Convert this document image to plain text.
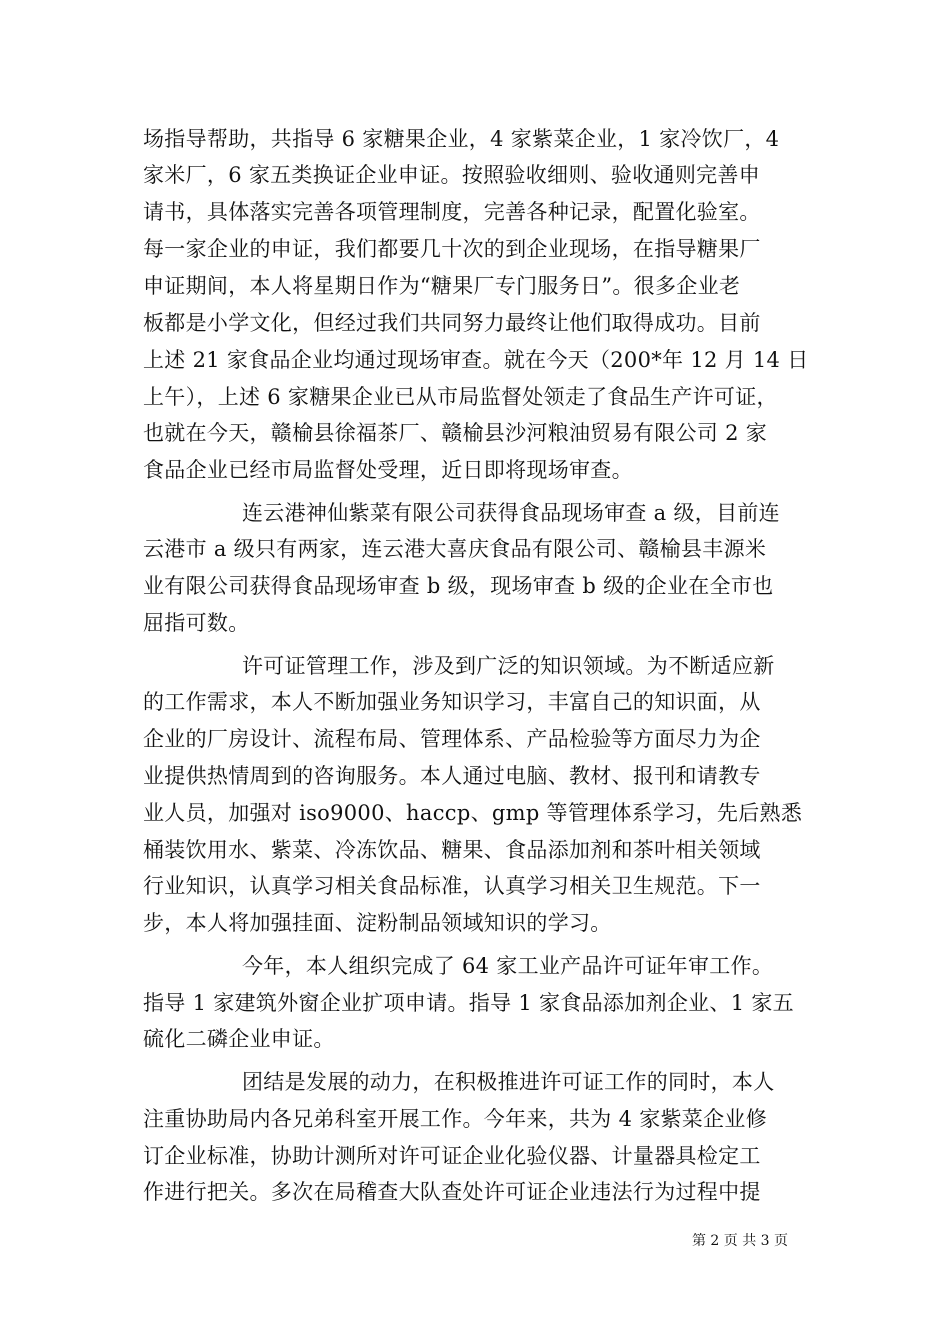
场指导帮助，共指导 6 家糖果企业，4 家紫菜企业，1 家冷饮厂，4
家米厂，6 家五类换证企业申证。按照验收细则、验收通则完善申
请书，具体落实完善各项管理制度，完善各种记录，配置化验室。
每一家企业的申证，我们都要几十次的到企业现场，在指导糖果厂
申证期间，本人将星期日作为“糖果厂专门服务日”。很多企业老
板都是小学文化，但经过我们共同努力最终让他们取得成功。目前
上述 21 家食品企业均通过现场审查。就在今天（200*年 12 月 14 日
上午），上述 6 家糖果企业已从市局监督处领走了食品生产许可证，
也就在今天，赣榆县徐福茶厂、赣榆县沙河粮油贸易有限公司 2 家
食品企业已经市局监督处受理，近日即将现场审查。
连云港神仙紫菜有限公司获得食品现场审查 a 级，目前连
云港市 a 级只有两家，连云港大喜庆食品有限公司、赣榆县丰源米
业有限公司获得食品现场审查 b 级，现场审查 b 级的企业在全市也
屈指可数。
许可证管理工作，涉及到广泛的知识领域。为不断适应新
的工作需求，本人不断加强业务知识学习，丰富自己的知识面，从
企业的厂房设计、流程布局、管理体系、产品检验等方面尽力为企
业提供热情周到的咨询服务。本人通过电脑、教材、报刊和请教专
业人员，加强对 iso9000、haccp、gmp 等管理体系学习，先后熟悉
桶装饮用水、紫菜、冷冻饮品、糖果、食品添加剂和茶叶相关领域
行业知识，认真学习相关食品标准，认真学习相关卫生规范。下一
步，本人将加强挂面、淀粉制品领域知识的学习。
今年，本人组织完成了 64 家工业产品许可证年审工作。
指导 1 家建筑外窗企业扩项申请。指导 1 家食品添加剂企业、1 家五
硫化二磷企业申证。
团结是发展的动力，在积极推进许可证工作的同时，本人
注重协助局内各兄弟科室开展工作。今年来，共为 4 家紫菜企业修
订企业标准，协助计测所对许可证企业化验仪器、计量器具检定工
作进行把关。多次在局稽查大队查处许可证企业违法行为过程中提
第 2 页 共 3 页
